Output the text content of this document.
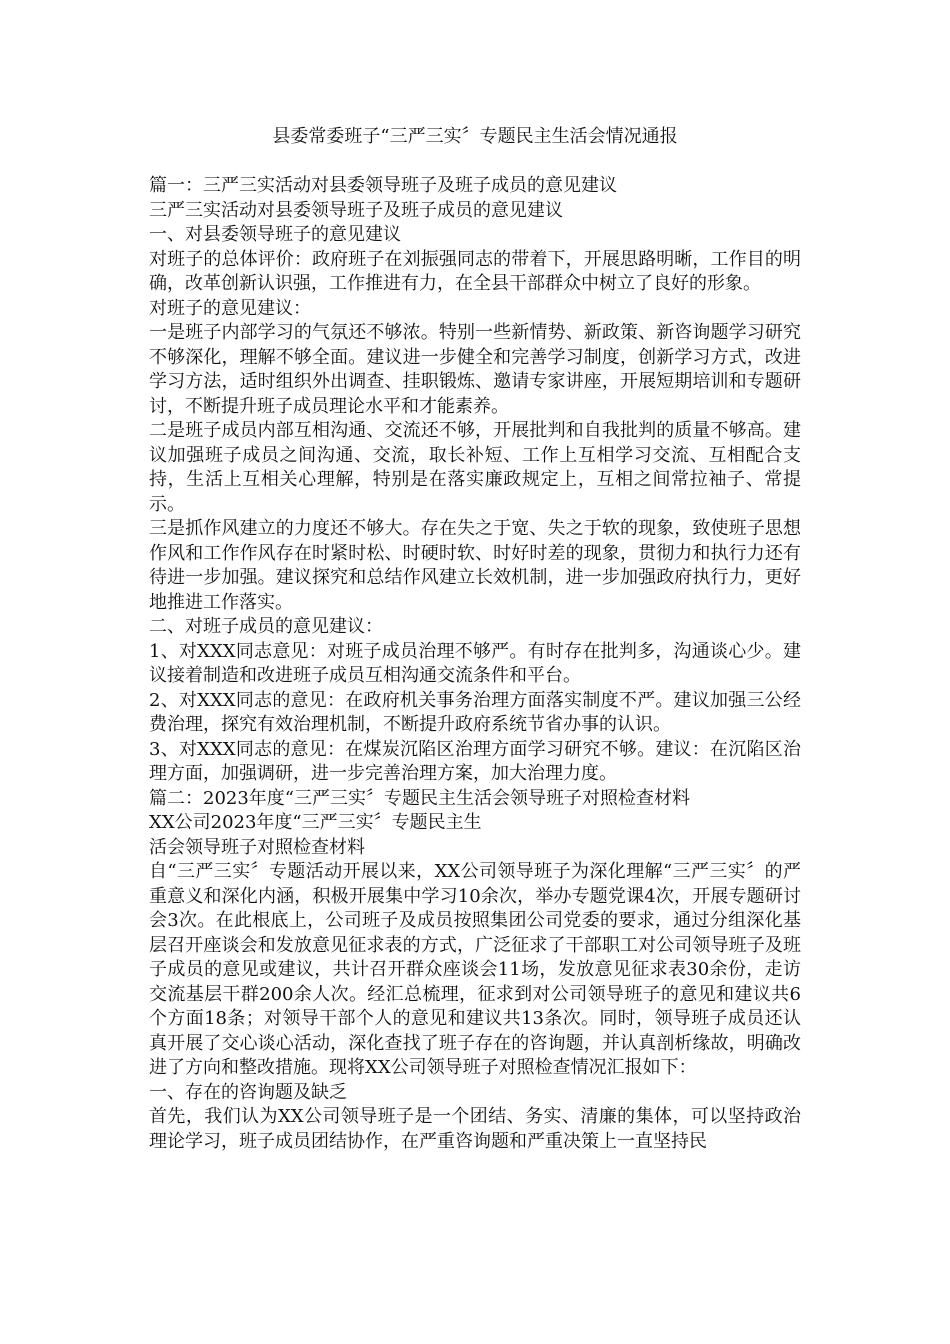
县委常委班子“三严三实〞专题民主生活会情况通报

篇一：三严三实活动对县委领导班子及班子成员的意见建议

三严三实活动对县委领导班子及班子成员的意见建议

一、对县委领导班子的意见建议

对班子的总体评价：政府班子在刘振强同志的带着下，开展思路明晰，工作目的明确，改革创新认识强，工作推进有力，在全县干部群众中树立了良好的形象。

对班子的意见建议：

一是班子内部学习的气氛还不够浓。特别一些新情势、新政策、新咨询题学习研究不够深化，理解不够全面。建议进一步健全和完善学习制度，创新学习方式，改进学习方法，适时组织外出调查、挂职锻炼、邀请专家讲座，开展短期培训和专题研讨，不断提升班子成员理论水平和才能素养。

二是班子成员内部互相沟通、交流还不够，开展批判和自我批判的质量不够高。建议加强班子成员之间沟通、交流，取长补短、工作上互相学习交流、互相配合支持，生活上互相关心理解，特别是在落实廉政规定上，互相之间常拉袖子、常提示。

三是抓作风建立的力度还不够大。存在失之于宽、失之于软的现象，致使班子思想作风和工作作风存在时紧时松、时硬时软、时好时差的现象，贯彻力和执行力还有待进一步加强。建议探究和总结作风建立长效机制，进一步加强政府执行力，更好地推进工作落实。

二、对班子成员的意见建议：

1、对XXX同志意见：对班子成员治理不够严。有时存在批判多，沟通谈心少。建议接着制造和改进班子成员互相沟通交流条件和平台。

2、对XXX同志的意见：在政府机关事务治理方面落实制度不严。建议加强三公经费治理，探究有效治理机制，不断提升政府系统节省办事的认识。

3、对XXX同志的意见：在煤炭沉陷区治理方面学习研究不够。建议：在沉陷区治理方面，加强调研，进一步完善治理方案，加大治理力度。

篇二：2023年度“三严三实〞专题民主生活会领导班子对照检查材料

XX公司2023年度“三严三实〞专题民主生

活会领导班子对照检查材料

自“三严三实〞专题活动开展以来，XX公司领导班子为深化理解“三严三实〞的严重意义和深化内涵，积极开展集中学习10余次，举办专题党课4次，开展专题研讨会3次。在此根底上，公司班子及成员按照集团公司党委的要求，通过分组深化基层召开座谈会和发放意见征求表的方式，广泛征求了干部职工对公司领导班子及班子成员的意见或建议，共计召开群众座谈会11场，发放意见征求表30余份，走访交流基层干群200余人次。经汇总梳理，征求到对公司领导班子的意见和建议共6个方面18条；对领导干部个人的意见和建议共13条次。同时，领导班子成员还认真开展了交心谈心活动，深化查找了班子存在的咨询题，并认真剖析缘故，明确改进了方向和整改措施。现将XX公司领导班子对照检查情况汇报如下：

一、存在的咨询题及缺乏

首先，我们认为XX公司领导班子是一个团结、务实、清廉的集体，可以坚持政治理论学习，班子成员团结协作，在严重咨询题和严重决策上一直坚持民
